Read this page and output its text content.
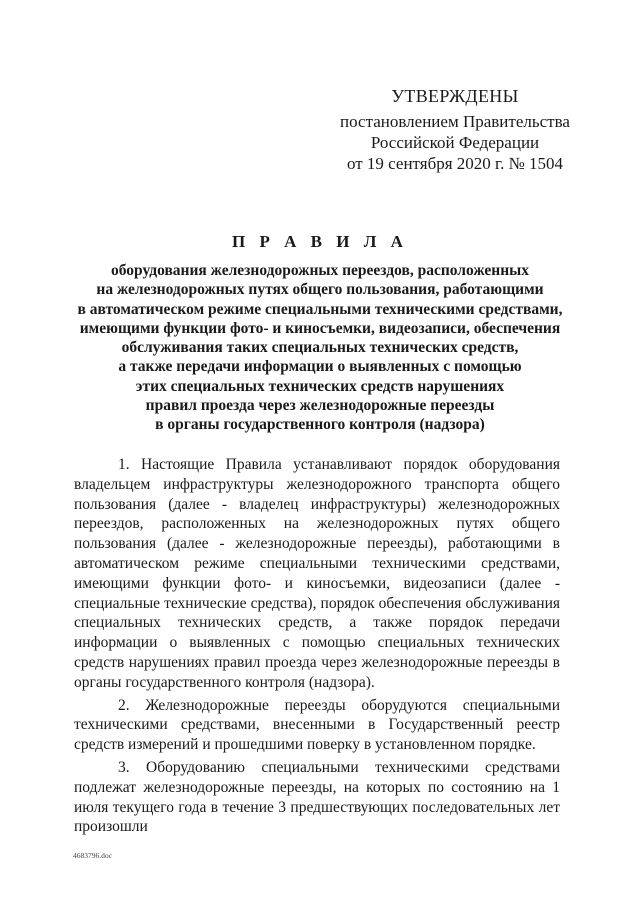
УТВЕРЖДЕНЫ
постановлением Правительства
Российской Федерации
от 19 сентября 2020 г. № 1504
П Р А В И Л А
оборудования железнодорожных переездов, расположенных
на железнодорожных путях общего пользования, работающими
в автоматическом режиме специальными техническими средствами,
имеющими функции фото- и киносъемки, видеозаписи, обеспечения
обслуживания таких специальных технических средств,
а также передачи информации о выявленных с помощью
этих специальных технических средств нарушениях
правил проезда через железнодорожные переезды
в органы государственного контроля (надзора)

1. Настоящие Правила устанавливают порядок оборудования владельцем инфраструктуры железнодорожного транспорта общего пользования (далее - владелец инфраструктуры) железнодорожных переездов, расположенных на железнодорожных путях общего пользования (далее - железнодорожные переезды), работающими в автоматическом режиме специальными техническими средствами, имеющими функции фото- и киносъемки, видеозаписи (далее - специальные технические средства), порядок обеспечения обслуживания специальных технических средств, а также порядок передачи информации о выявленных с помощью специальных технических средств нарушениях правил проезда через железнодорожные переезды в органы государственного контроля (надзора).

2. Железнодорожные переезды оборудуются специальными техническими средствами, внесенными в Государственный реестр средств измерений и прошедшими поверку в установленном порядке.

3. Оборудованию специальными техническими средствами подлежат железнодорожные переезды, на которых по состоянию на 1 июля текущего года в течение 3 предшествующих последовательных лет произошли

4683796.doc
